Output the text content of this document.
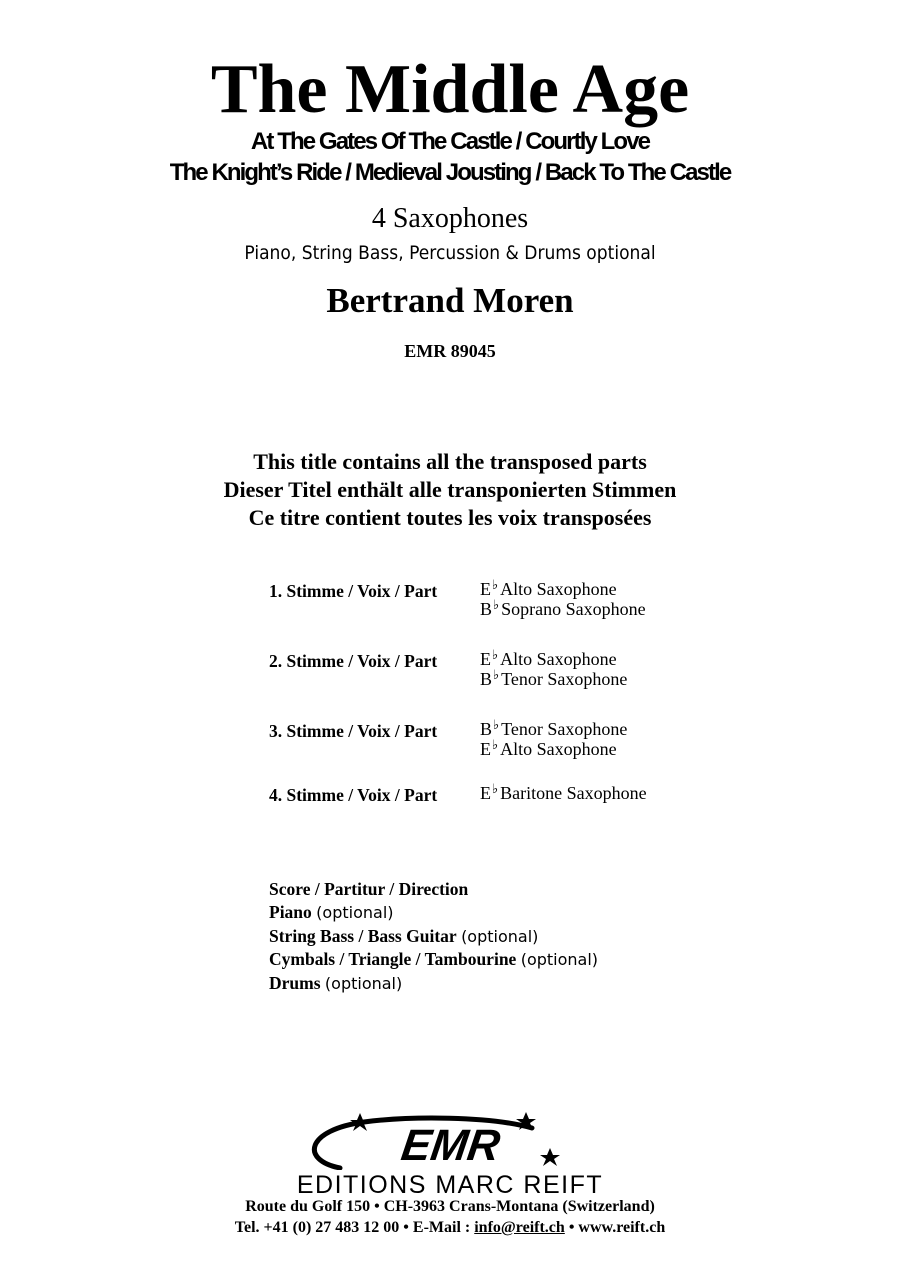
The Middle Age
At The Gates Of The Castle / Courtly Love
The Knight’s Ride / Medieval Jousting / Back To The Castle
4 Saxophones
Piano, String Bass, Percussion & Drums optional
Bertrand Moren
EMR 89045
This title contains all the transposed parts
Dieser Titel enthält alle transponierten Stimmen
Ce titre contient toutes les voix transposées
1. Stimme / Voix / Part E♭ Alto Saxophone
B♭ Soprano Saxophone
2. Stimme / Voix / Part E♭ Alto Saxophone
B♭ Tenor Saxophone
3. Stimme / Voix / Part B♭ Tenor Saxophone
E♭ Alto Saxophone
4. Stimme / Voix / Part E♭ Baritone Saxophone
Score / Partitur / Direction
Piano (optional)
String Bass / Bass Guitar (optional)
Cymbals / Triangle / Tambourine (optional)
Drums (optional)
EMR
EDITIONS MARC REIFT
Route du Golf 150 • CH-3963 Crans-Montana (Switzerland)
Tel. +41 (0) 27 483 12 00 • E-Mail : info@reift.ch • www.reift.ch
